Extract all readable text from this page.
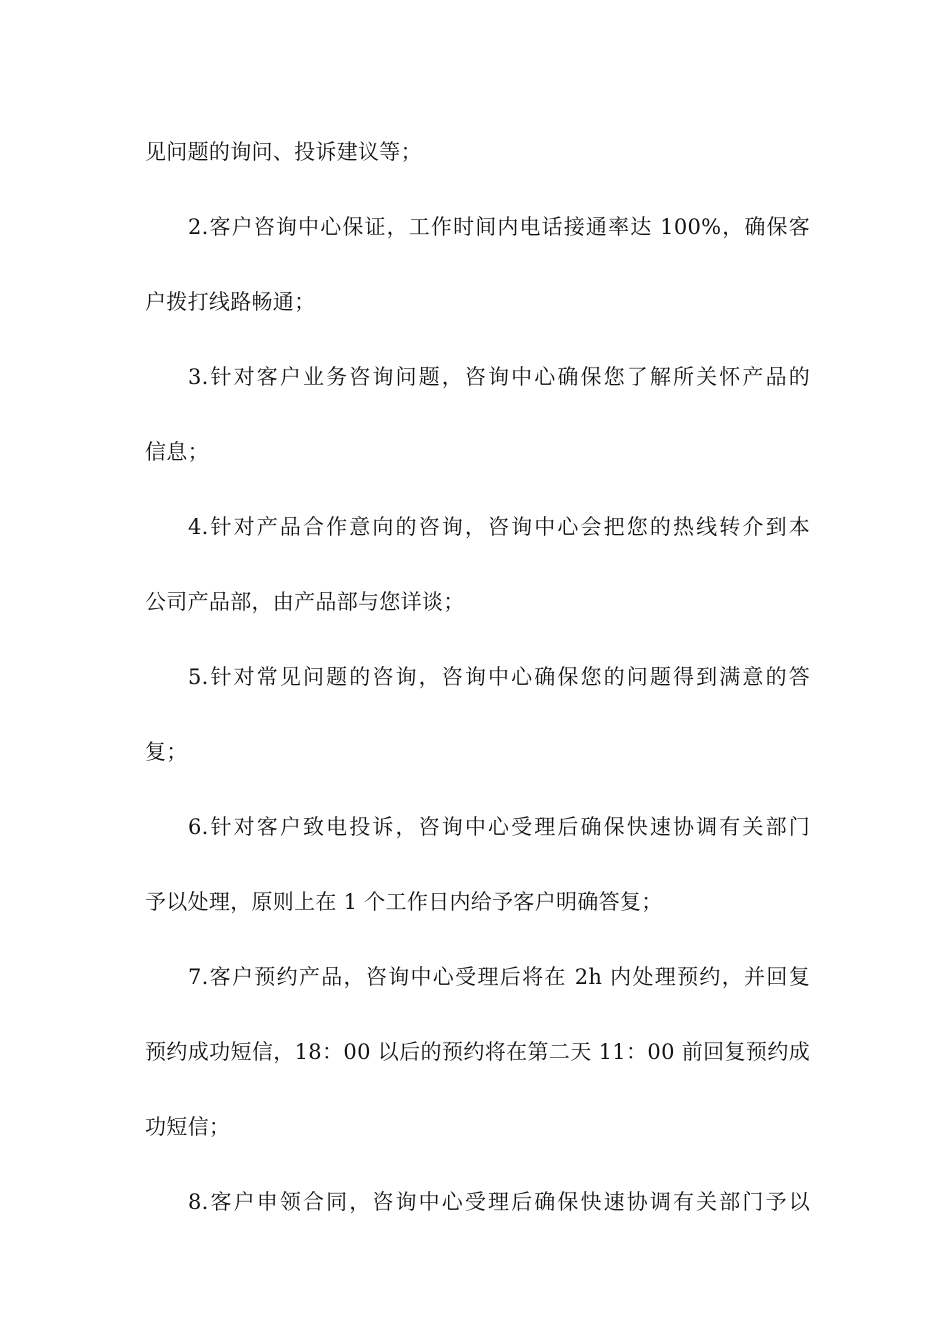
见问题的询问、投诉建议等；
2.客户咨询中心保证，工作时间内电话接通率达 100%，确保客
户拨打线路畅通；
3.针对客户业务咨询问题，咨询中心确保您了解所关怀产品的
信息；
4.针对产品合作意向的咨询，咨询中心会把您的热线转介到本
公司产品部，由产品部与您详谈；
5.针对常见问题的咨询，咨询中心确保您的问题得到满意的答
复；
6.针对客户致电投诉，咨询中心受理后确保快速协调有关部门
予以处理，原则上在 1 个工作日内给予客户明确答复；
7.客户预约产品，咨询中心受理后将在 2h 内处理预约，并回复
预约成功短信，18：00 以后的预约将在第二天 11：00 前回复预约成
功短信；
8.客户申领合同，咨询中心受理后确保快速协调有关部门予以
